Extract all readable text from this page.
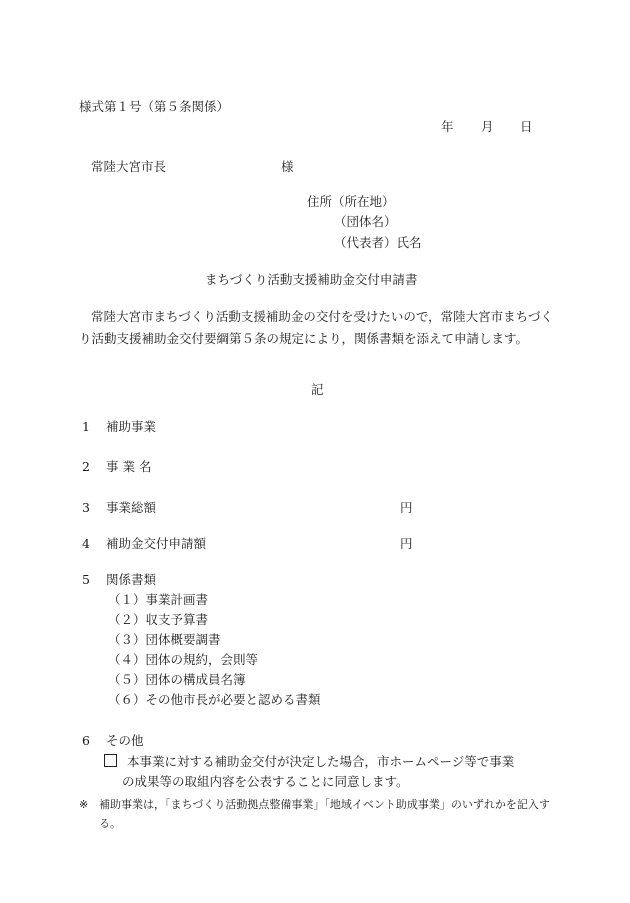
様式第１号（第５条関係）
年 月 日
常陸大宮市長	様
住所（所在地）
（団体名）
（代表者）氏名
まちづくり活動支援補助金交付申請書
常陸大宮市まちづくり活動支援補助金の交付を受けたいので，常陸大宮市まちづくり活動支援補助金交付要綱第５条の規定により，関係書類を添えて申請します。
記
1 補助事業
2 事 業 名
3 事業総額	円
4 補助金交付申請額	円
5 関係書類
（１）事業計画書
（２）収支予算書
（３）団体概要調書
（４）団体の規約，会則等
（５）団体の構成員名簿
（６）その他市長が必要と認める書類
6 その他
本事業に対する補助金交付が決定した場合，市ホームページ等で事業
の成果等の取組内容を公表することに同意します。
※ 補助事業は，「まちづくり活動拠点整備事業」「地域イベント助成事業」のいずれかを記入する。
